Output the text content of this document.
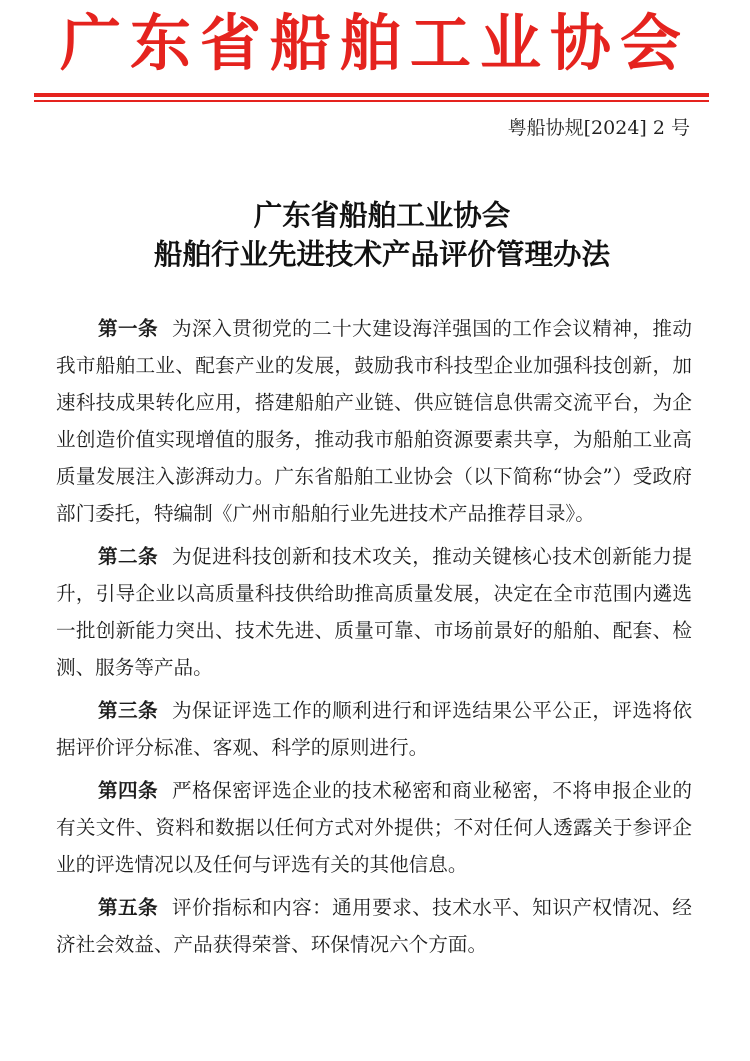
广东省船舶工业协会
粤船协规[2024] 2 号
广东省船舶工业协会
船舶行业先进技术产品评价管理办法

第一条 为深入贯彻党的二十大建设海洋强国的工作会议精神，推动我市船舶工业、配套产业的发展，鼓励我市科技型企业加强科技创新，加速科技成果转化应用，搭建船舶产业链、供应链信息供需交流平台，为企业创造价值实现增值的服务，推动我市船舶资源要素共享，为船舶工业高质量发展注入澎湃动力。广东省船舶工业协会（以下简称“协会”）受政府部门委托，特编制《广州市船舶行业先进技术产品推荐目录》。

第二条 为促进科技创新和技术攻关，推动关键核心技术创新能力提升，引导企业以高质量科技供给助推高质量发展，决定在全市范围内遴选一批创新能力突出、技术先进、质量可靠、市场前景好的船舶、配套、检测、服务等产品。

第三条 为保证评选工作的顺利进行和评选结果公平公正，评选将依据评价评分标准、客观、科学的原则进行。

第四条 严格保密评选企业的技术秘密和商业秘密，不将申报企业的有关文件、资料和数据以任何方式对外提供；不对任何人透露关于参评企业的评选情况以及任何与评选有关的其他信息。

第五条 评价指标和内容：通用要求、技术水平、知识产权情况、经济社会效益、产品获得荣誉、环保情况六个方面。
